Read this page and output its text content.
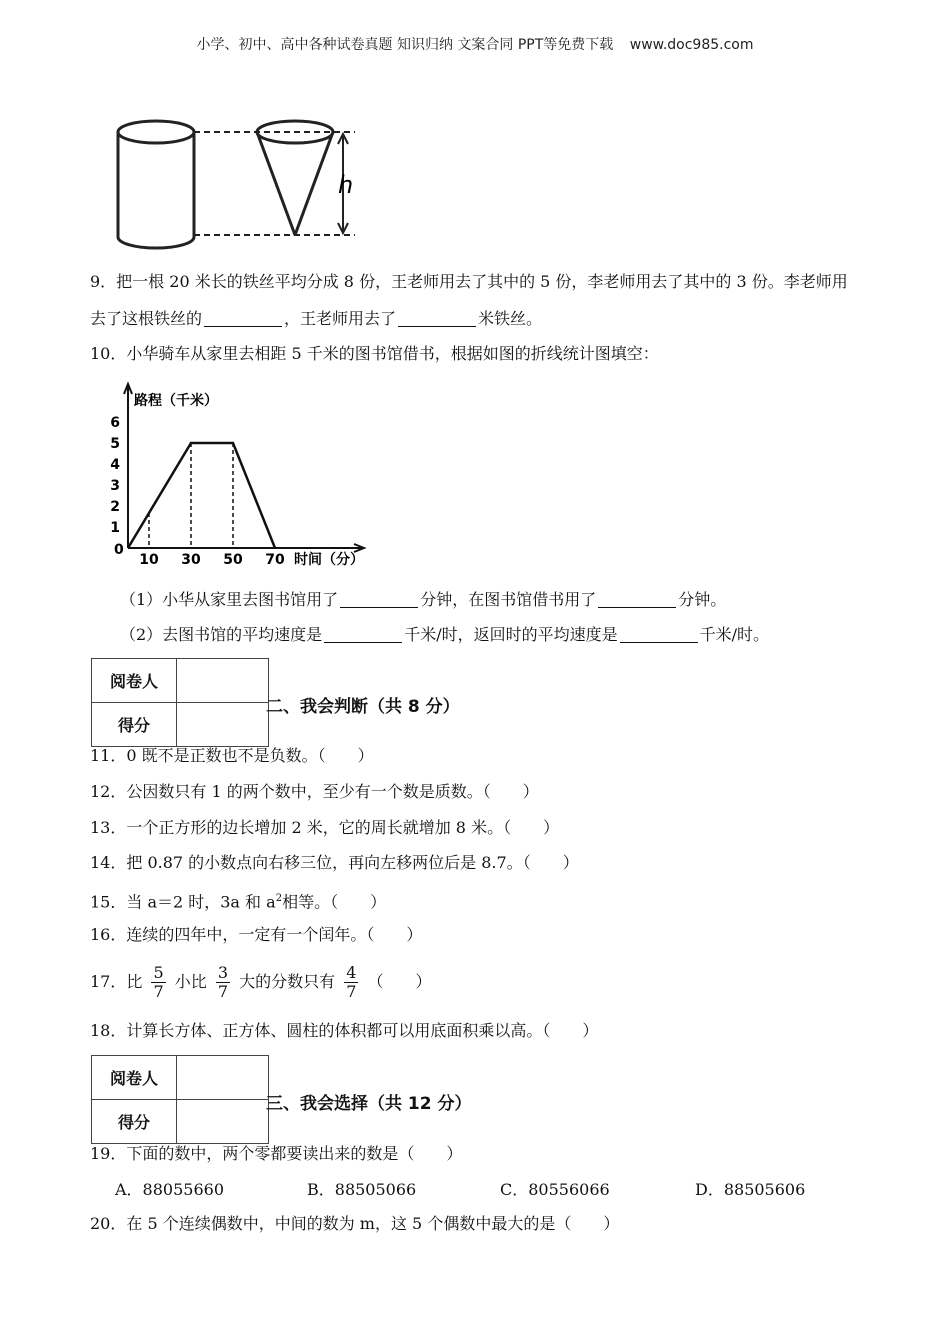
小学、初中、高中各种试卷真题 知识归纳 文案合同 PPT等免费下载 www.doc985.com
h
9．把一根 20 米长的铁丝平均分成 8 份，王老师用去了其中的 5 份，李老师用去了其中的 3 份。李老师用
去了这根铁丝的	，王老师用去了	米铁丝。
10．小华骑车从家里去相距 5 千米的图书馆借书，根据如图的折线统计图填空：
10 30 50 70
1
2
3
4
5
6
路程（千米）
时间（分）
0
（1）小华从家里去图书馆用了	分钟，在图书馆借书用了	分钟。
（2）去图书馆的平均速度是	千米/时，返回时的平均速度是	千米/时。
阅卷人	
得分	
二、我会判断（共 8 分）
11．0 既不是正数也不是负数。（　　）
12．公因数只有 1 的两个数中，至少有一个数是质数。（　　）
13．一个正方形的边长增加 2 米，它的周长就增加 8 米。（　　）
14．把 0.87 的小数点向右移三位，再向左移两位后是 8.7。（　　）
15．当 a＝2 时，3a 和 $a^2$相等。（　　）
16．连续的四年中，一定有一个闰年。（　　）
17．比 $\frac{5}{7}$ 小比 $\frac{3}{7}$ 大的分数只有 $\frac{4}{7}$ （　　）
18．计算长方体、正方体、圆柱的体积都可以用底面积乘以高。（　　）
阅卷人	
得分	
三、我会选择（共 12 分）
19．下面的数中，两个零都要读出来的数是（　　）
A．88055660	B．88505066	C．80556066	D．88505606
20．在 5 个连续偶数中，中间的数为 m，这 5 个偶数中最大的是（　　）
